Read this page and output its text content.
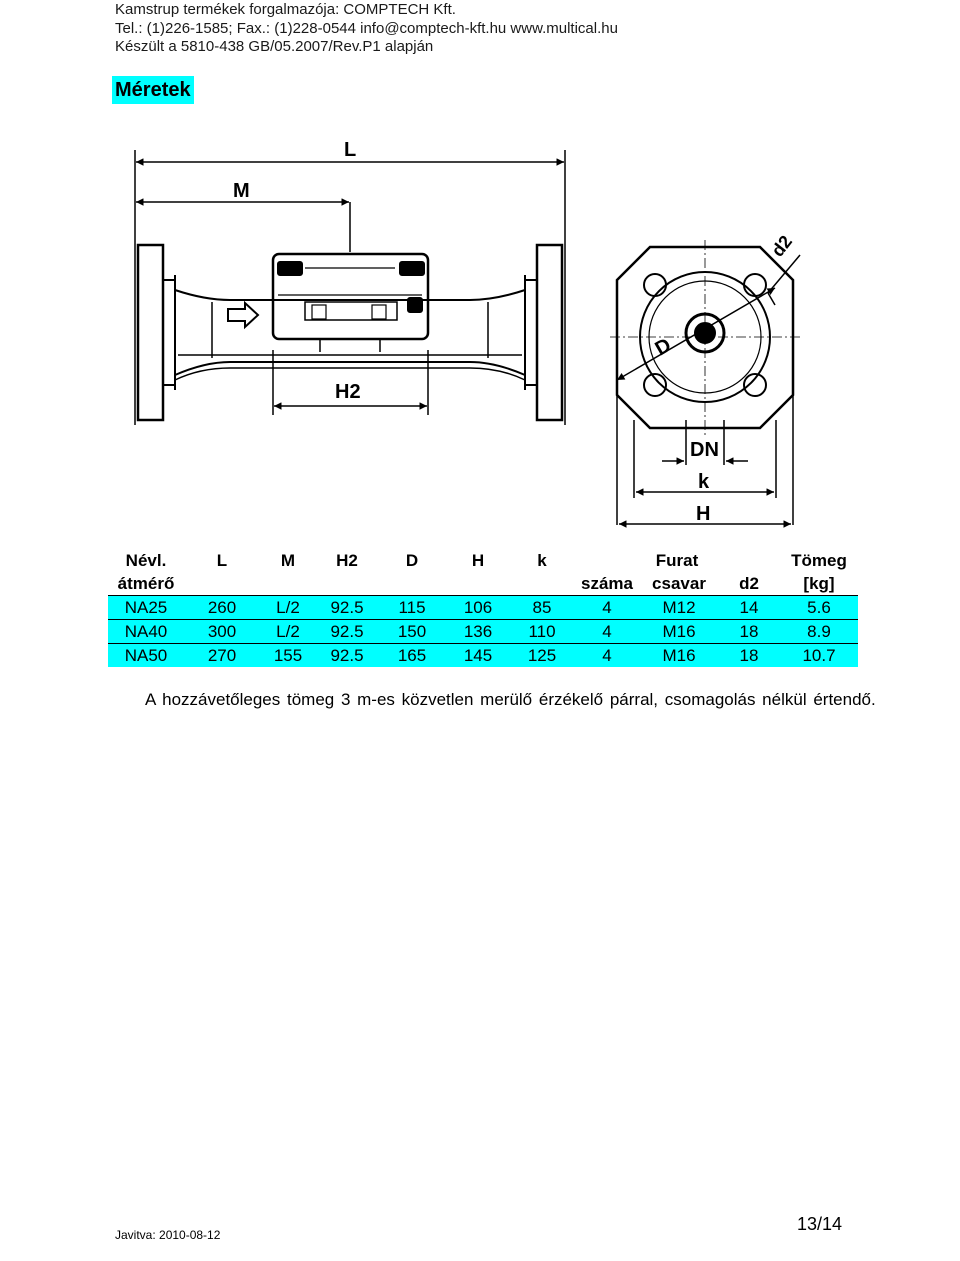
Kamstrup termékek forgalmazója: COMPTECH Kft.
Tel.: (1)226-1585; Fax.: (1)228-0544 info@comptech-kft.hu www.multical.hu
Készült a 5810-438 GB/05.2007/Rev.P1 alapján
Méretek
L
M
H2
D
d2
DN
k
H
Névl.	L	M	H2	D	H	k	Furat			Tömeg
átmérő							száma	csavar	d2	[kg]
NA25	260	L/2	92.5	115	106	85	4	M12	14	5.6
NA40	300	L/2	92.5	150	136	110	4	M16	18	8.9
NA50	270	155	92.5	165	145	125	4	M16	18	10.7
A hozzávetőleges tömeg 3 m-es közvetlen merülő érzékelő párral, csomagolás nélkül értendő.
Javitva: 2010-08-12
13/14
